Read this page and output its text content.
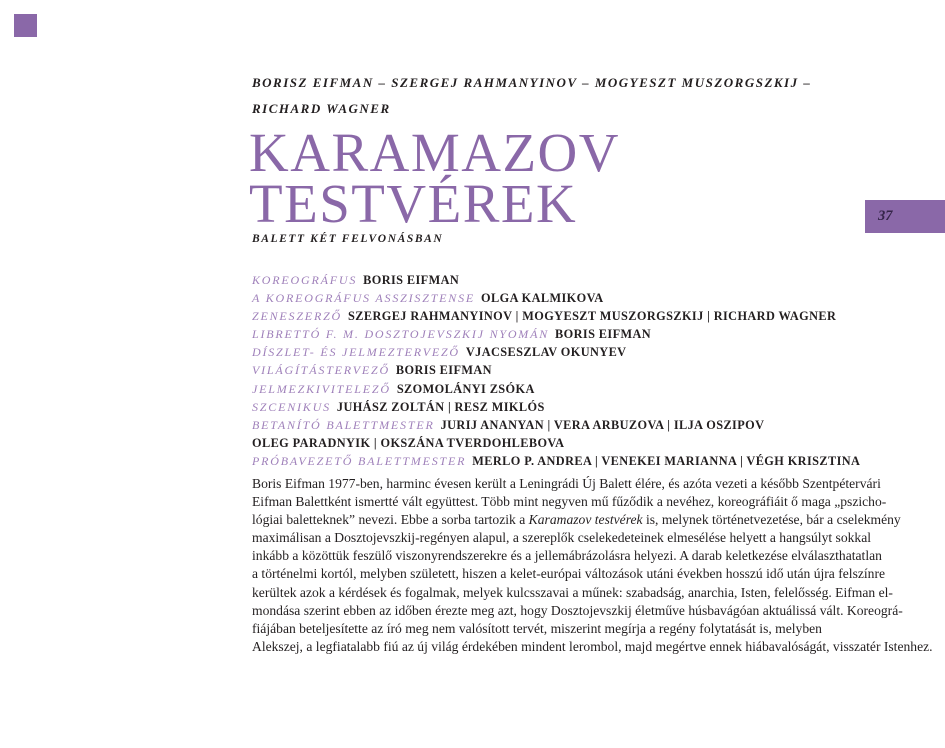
37
BORISZ EIFMAN – SZERGEJ RAHMANYINOV – MOGYESZT MUSZORGSZKIJ –
RICHARD WAGNER
KARAMAZOV
TESTVÉREK
BALETT KÉT FELVONÁSBAN
KOREOGRÁFUS BORIS EIFMAN
A KOREOGRÁFUS ASSZISZTENSE OLGA KALMIKOVA
ZENESZERZŐ SZERGEJ RAHMANYINOV | MOGYESZT MUSZORGSZKIJ | RICHARD WAGNER
LIBRETTÓ F. M. DOSZTOJEVSZKIJ NYOMÁN BORIS EIFMAN
DÍSZLET- ÉS JELMEZTERVEZŐ VJACSESZLAV OKUNYEV
VILÁGÍTÁSTERVEZŐ BORIS EIFMAN
JELMEZKIVITELEZŐ SZOMOLÁNYI ZSÓKA
SZCENIKUS JUHÁSZ ZOLTÁN | RESZ MIKLÓS
BETANÍTÓ BALETTMESTER JURIJ ANANYAN | VERA ARBUZOVA | ILJA OSZIPOV
OLEG PARADNYIK | OKSZÁNA TVERDOHLEBOVA
PRÓBAVEZETŐ BALETTMESTER MERLO P. ANDREA | VENEKEI MARIANNA | VÉGH KRISZTINA
Boris Eifman 1977-ben, harminc évesen került a Leningrádi Új Balett élére, és azóta vezeti a később Szentpétervári
Eifman Balettként ismertté vált együttest. Több mint negyven mű fűződik a nevéhez, koreográfiáit ő maga „pszicho-
lógiai baletteknek” nevezi. Ebbe a sorba tartozik a Karamazov testvérek is, melynek történetvezetése, bár a cselekmény
maximálisan a Dosztojevszkij-regényen alapul, a szereplők cselekedeteinek elmesélése helyett a hangsúlyt sokkal
inkább a közöttük feszülő viszonyrendszerekre és a jellemábrázolásra helyezi. A darab keletkezése elválaszthatatlan
a történelmi kortól, melyben született, hiszen a kelet-európai változások utáni években hosszú idő után újra felszínre
kerültek azok a kérdések és fogalmak, melyek kulcsszavai a műnek: szabadság, anarchia, Isten, felelősség. Eifman el-
mondása szerint ebben az időben érezte meg azt, hogy Dosztojevszkij életműve húsbavágóan aktuálissá vált. Koreográ-
fiájában beteljesítette az író meg nem valósított tervét, miszerint megírja a regény folytatását is, melyben
Alekszej, a legfiatalabb fiú az új világ érdekében mindent lerombol, majd megértve ennek hiábavalóságát, visszatér Istenhez.
